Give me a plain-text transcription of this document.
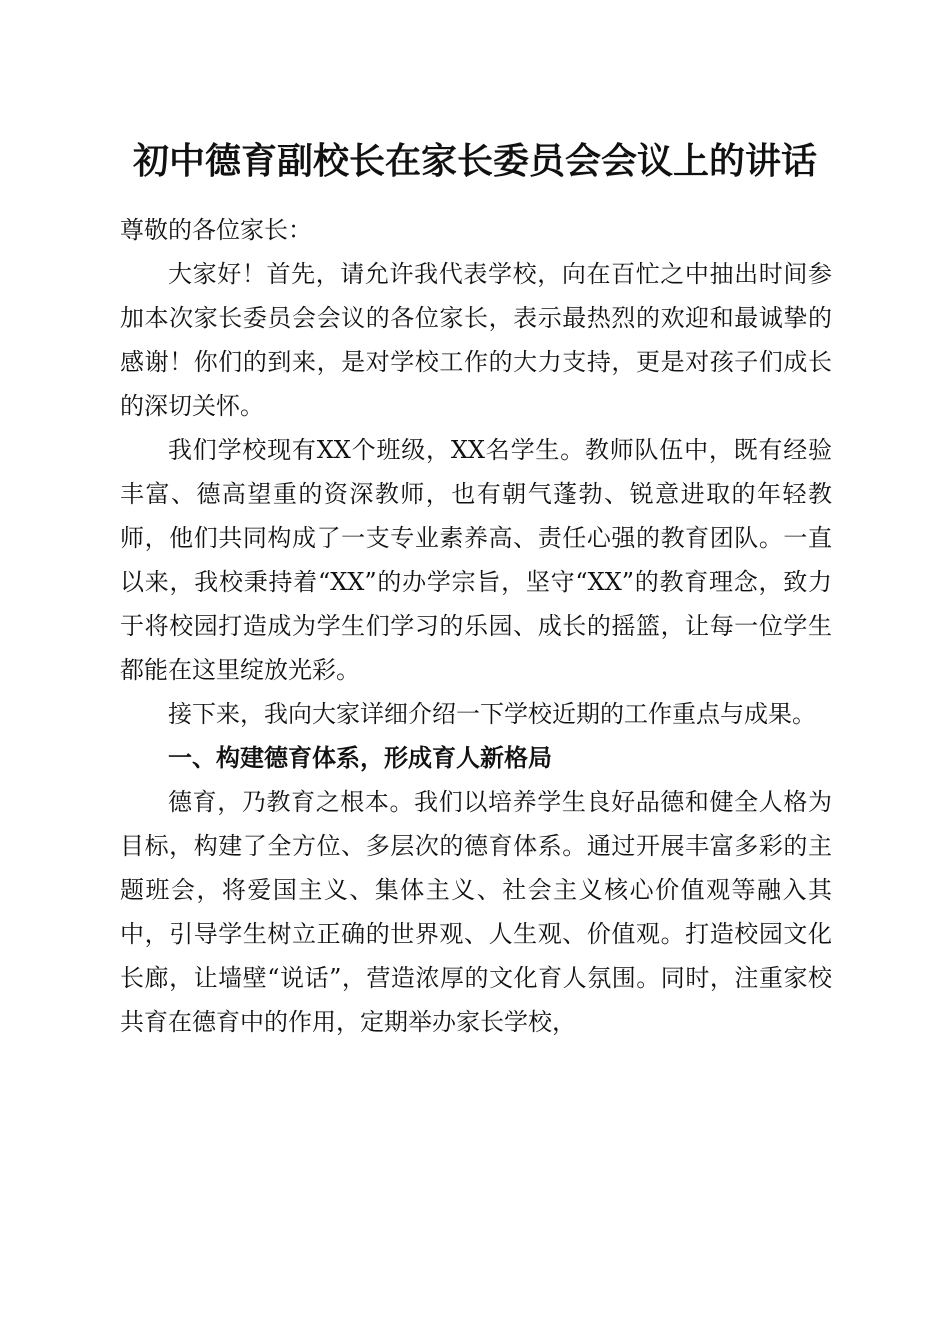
初中德育副校长在家长委员会会议上的讲话

尊敬的各位家长：

大家好！首先，请允许我代表学校，向在百忙之中抽出时间参加本次家长委员会会议的各位家长，表示最热烈的欢迎和最诚挚的感谢！你们的到来，是对学校工作的大力支持，更是对孩子们成长的深切关怀。

我们学校现有XX个班级，XX名学生。教师队伍中，既有经验丰富、德高望重的资深教师，也有朝气蓬勃、锐意进取的年轻教师，他们共同构成了一支专业素养高、责任心强的教育团队。一直以来，我校秉持着“XX”的办学宗旨，坚守“XX”的教育理念，致力于将校园打造成为学生们学习的乐园、成长的摇篮，让每一位学生都能在这里绽放光彩。

接下来，我向大家详细介绍一下学校近期的工作重点与成果。

一、构建德育体系，形成育人新格局

德育，乃教育之根本。我们以培养学生良好品德和健全人格为目标，构建了全方位、多层次的德育体系。通过开展丰富多彩的主题班会，将爱国主义、集体主义、社会主义核心价值观等融入其中，引导学生树立正确的世界观、人生观、价值观。打造校园文化长廊，让墙壁“说话”，营造浓厚的文化育人氛围。同时，注重家校共育在德育中的作用，定期举办家长学校，
